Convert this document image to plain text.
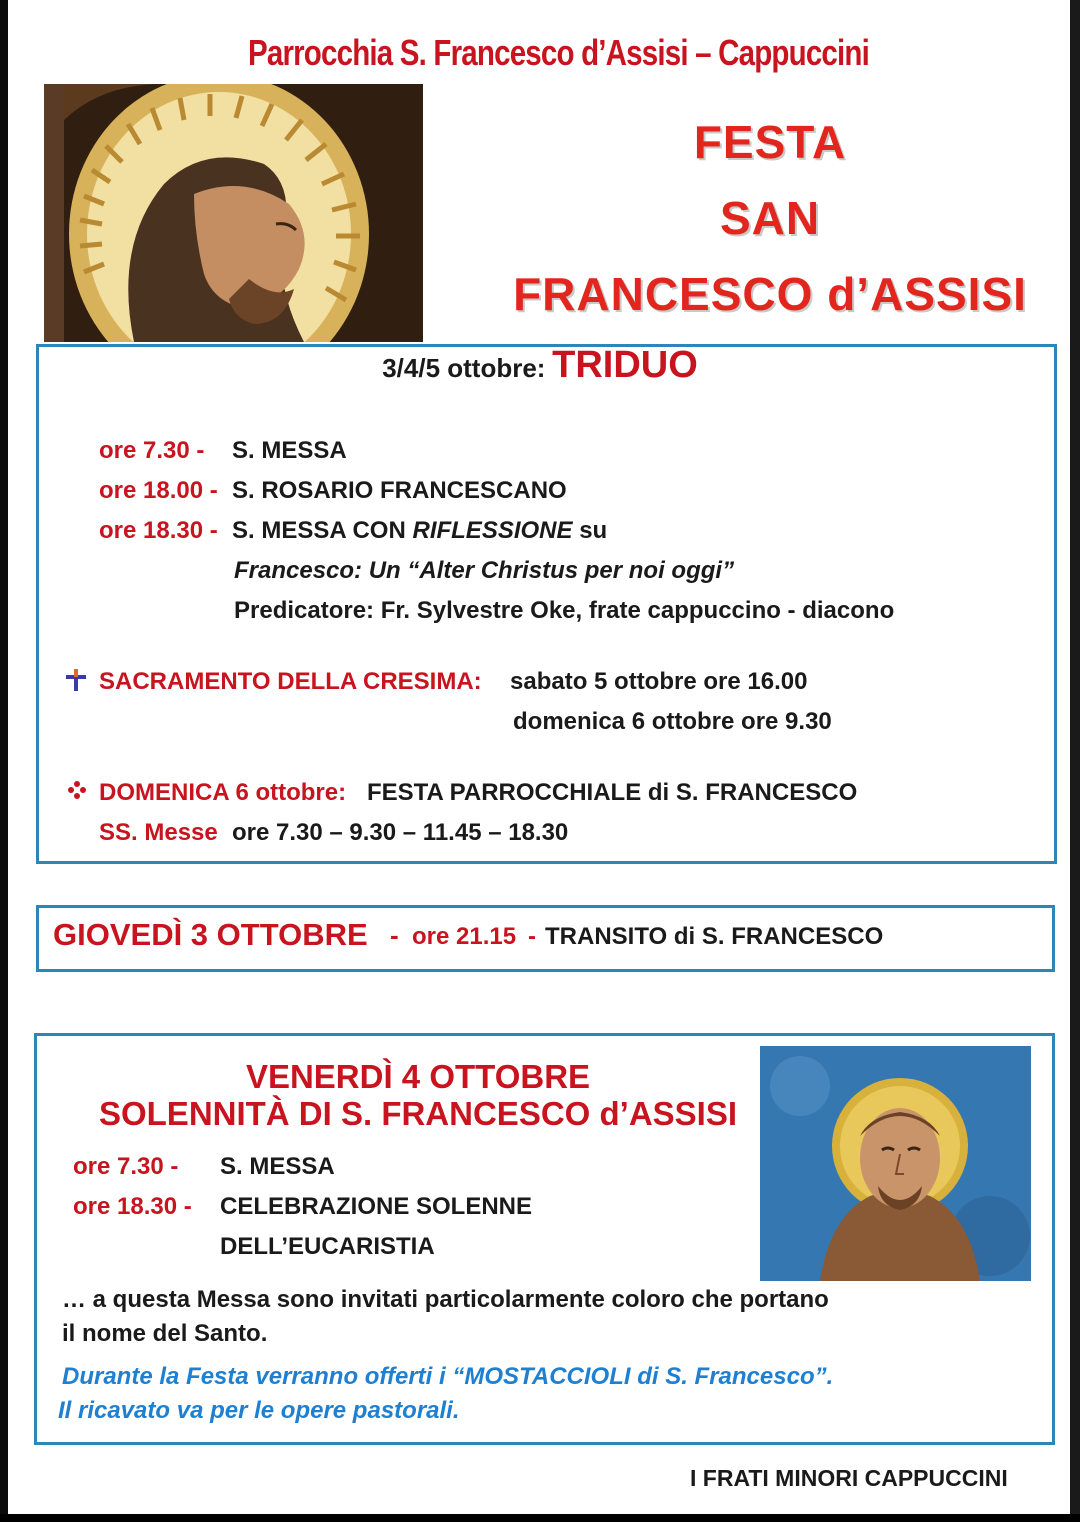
Parrocchia S. Francesco d’Assisi – Cappuccini
FESTA
SAN
FRANCESCO d’ASSISI
3/4/5 ottobre: TRIDUO
ore 7.30 - S. MESSA
ore 18.00 - S. ROSARIO FRANCESCANO
ore 18.30 - S. MESSA CON RIFLESSIONE su
Francesco: Un “Alter Christus per noi oggi”
Predicatore: Fr. Sylvestre Oke, frate cappuccino - diacono
SACRAMENTO DELLA CRESIMA: sabato 5 ottobre ore 16.00
domenica 6 ottobre ore 9.30
DOMENICA 6 ottobre: FESTA PARROCCHIALE di S. FRANCESCO
SS. Messe ore 7.30 – 9.30 – 11.45 – 18.30
GIOVEDÌ 3 OTTOBRE - ore 21.15 - TRANSITO di S. FRANCESCO
VENERDÌ 4 OTTOBRE
SOLENNITÀ DI S. FRANCESCO d’ASSISI
ore 7.30 - S. MESSA
ore 18.30 - CELEBRAZIONE SOLENNE
DELL’EUCARISTIA
… a questa Messa sono invitati particolarmente coloro che portano
il nome del Santo.
Durante la Festa verranno offerti i “MOSTACCIOLI di S. Francesco”.
Il ricavato va per le opere pastorali.
I FRATI MINORI CAPPUCCINI
